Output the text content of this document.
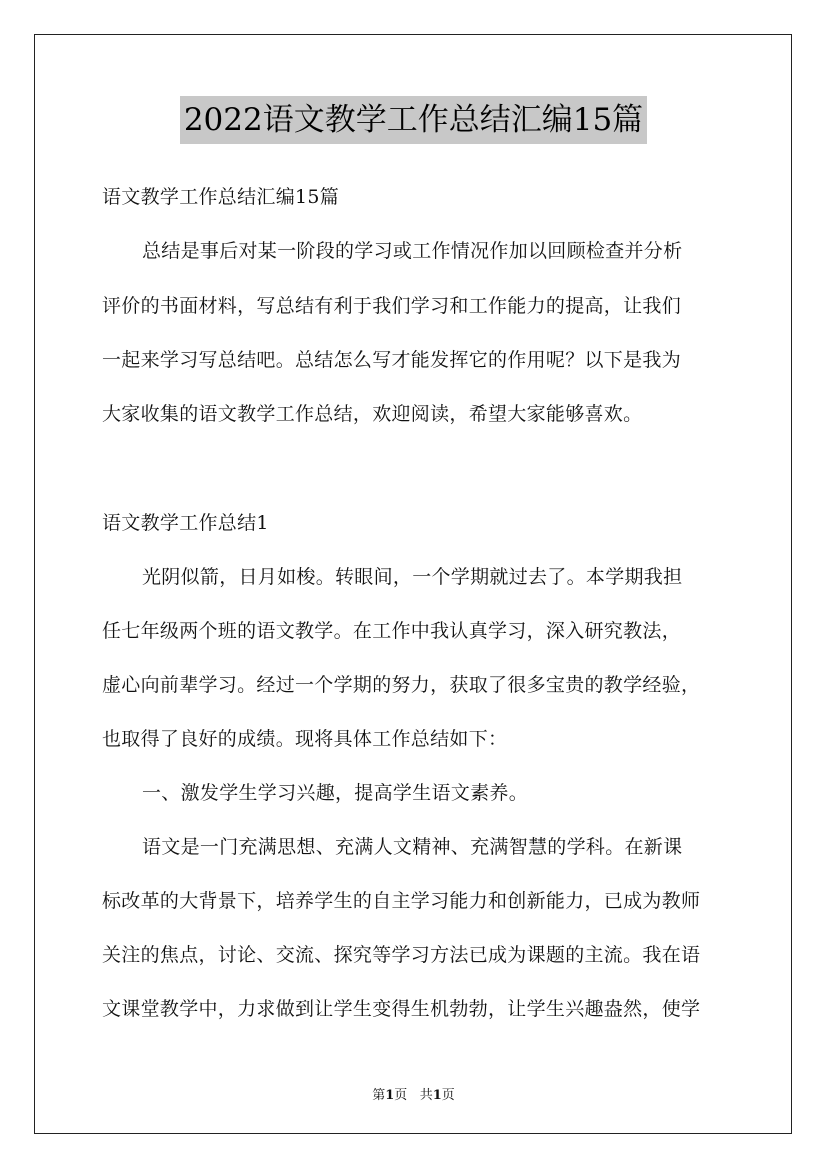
2022语文教学工作总结汇编15篇
语文教学工作总结汇编15篇
总结是事后对某一阶段的学习或工作情况作加以回顾检查并分析
评价的书面材料，写总结有利于我们学习和工作能力的提高，让我们
一起来学习写总结吧。总结怎么写才能发挥它的作用呢？以下是我为
大家收集的语文教学工作总结，欢迎阅读，希望大家能够喜欢。
语文教学工作总结1
光阴似箭，日月如梭。转眼间，一个学期就过去了。本学期我担
任七年级两个班的语文教学。在工作中我认真学习，深入研究教法，
虚心向前辈学习。经过一个学期的努力，获取了很多宝贵的教学经验，
也取得了良好的成绩。现将具体工作总结如下：
一、激发学生学习兴趣，提高学生语文素养。
语文是一门充满思想、充满人文精神、充满智慧的学科。在新课
标改革的大背景下，培养学生的自主学习能力和创新能力，已成为教师
关注的焦点，讨论、交流、探究等学习方法已成为课题的主流。我在语
文课堂教学中，力求做到让学生变得生机勃勃，让学生兴趣盎然，使学
第1页 共1页
